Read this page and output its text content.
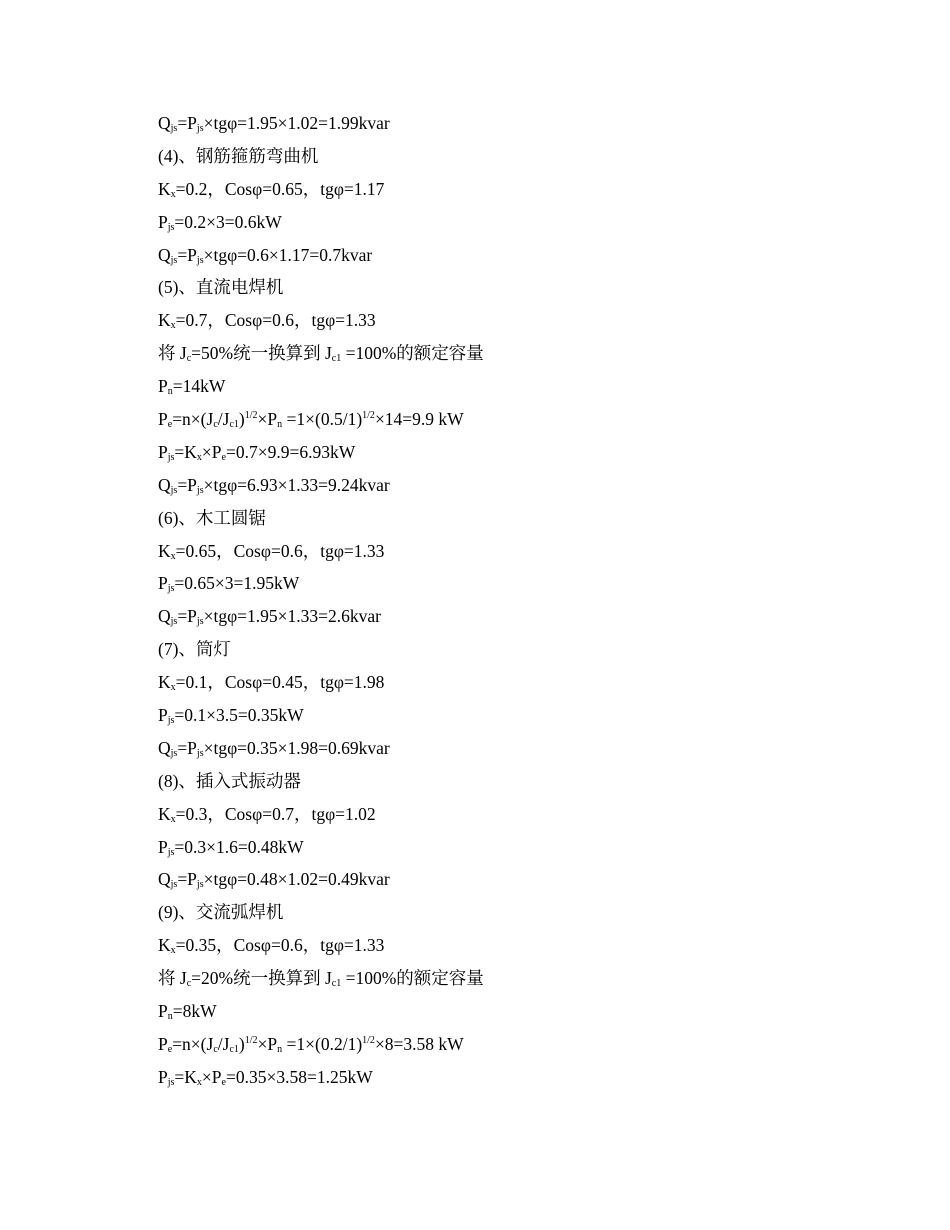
$Q_{js}=P_{js}\times tg\varphi=1.95\times 1.02=1.99kvar$
(4)、钢筋箍筋弯曲机
$K_x=0.2$，Cosφ=0.65，tgφ=1.17
$P_{js}=0.2\times 3=0.6kW$
$Q_{js}=P_{js}\times tg\varphi=0.6\times 1.17=0.7kvar$
(5)、直流电焊机
$K_x=0.7$，Cosφ=0.6，tgφ=1.33
将 $J_c=50\%$统一换算到 $J_{c1} =100\%$的额定容量
$P_n=14kW$
$P_e=n\times(J_c/J_{c1})^{1/2}\times P_n =1\times(0.5/1)^{1/2}\times 14=9.9$ kW
$P_{js}=K_x\times P_e=0.7\times 9.9=6.93kW$
$Q_{js}=P_{js}\times tg\varphi=6.93\times 1.33=9.24kvar$
(6)、木工圆锯
$K_x=0.65$，Cosφ=0.6，tgφ=1.33
$P_{js}=0.65\times 3=1.95kW$
$Q_{js}=P_{js}\times tg\varphi=1.95\times 1.33=2.6kvar$
(7)、筒灯
$K_x=0.1$，Cosφ=0.45，tgφ=1.98
$P_{js}=0.1\times 3.5=0.35kW$
$Q_{js}=P_{js}\times tg\varphi=0.35\times 1.98=0.69kvar$
(8)、插入式振动器
$K_x=0.3$，Cosφ=0.7，tgφ=1.02
$P_{js}=0.3\times 1.6=0.48kW$
$Q_{js}=P_{js}\times tg\varphi=0.48\times 1.02=0.49kvar$
(9)、交流弧焊机
$K_x=0.35$，Cosφ=0.6，tgφ=1.33
将 $J_c=20\%$统一换算到 $J_{c1} =100\%$的额定容量
$P_n=8kW$
$P_e=n\times(J_c/J_{c1})^{1/2}\times P_n =1\times(0.2/1)^{1/2}\times 8=3.58$ kW
$P_{js}=K_x\times P_e=0.35\times 3.58=1.25kW$
